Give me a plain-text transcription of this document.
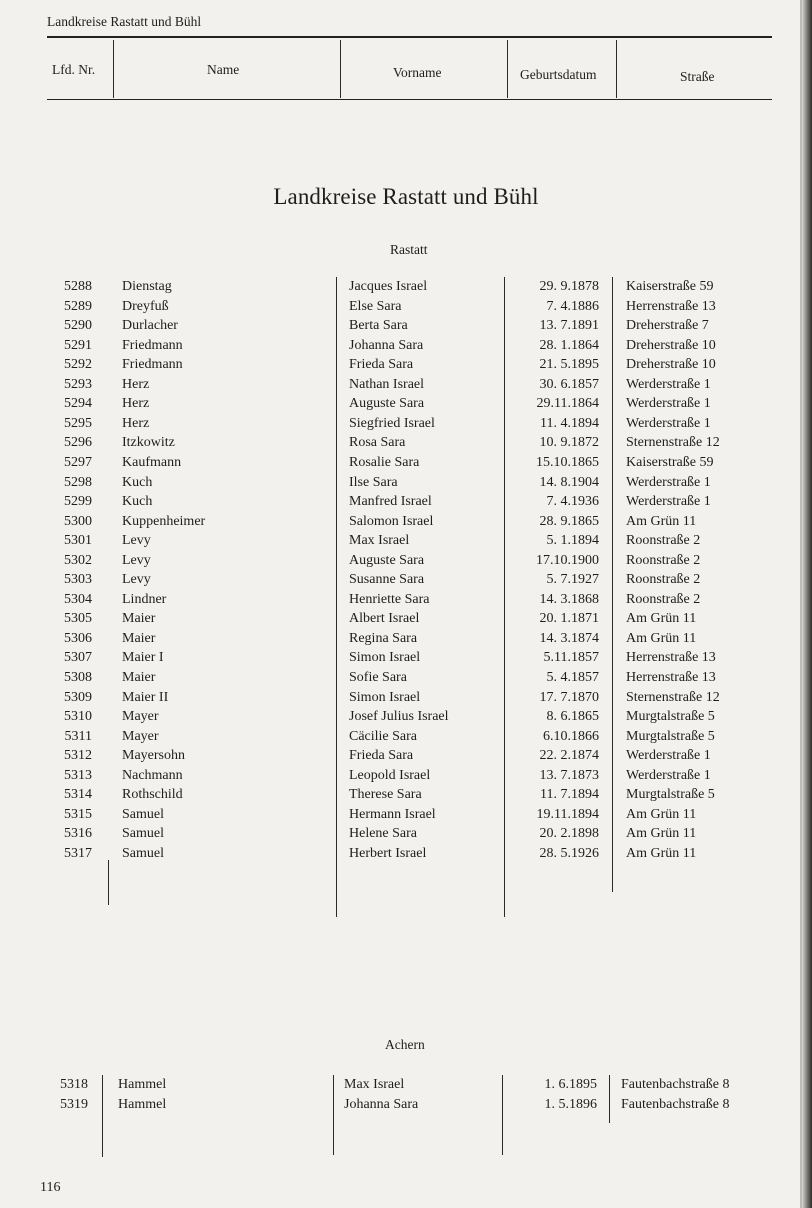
Landkreise Rastatt und Bühl
Lfd. Nr.	Name	Vorname	Geburtsdatum	Straße
Landkreise Rastatt und Bühl
Rastatt
5288 Dienstag	Jacques Israel	29. 9.1878 Kaiserstraße 59
5289 Dreyfuß	Else Sara	7. 4.1886 Herrenstraße 13
5290 Durlacher	Berta Sara	13. 7.1891 Dreherstraße 7
5291 Friedmann	Johanna Sara	28. 1.1864 Dreherstraße 10
5292 Friedmann	Frieda Sara	21. 5.1895 Dreherstraße 10
5293 Herz	Nathan Israel	30. 6.1857 Werderstraße 1
5294 Herz	Auguste Sara	29.11.1864 Werderstraße 1
5295 Herz	Siegfried Israel	11. 4.1894 Werderstraße 1
5296 Itzkowitz	Rosa Sara	10. 9.1872 Sternenstraße 12
5297 Kaufmann	Rosalie Sara	15.10.1865 Kaiserstraße 59
5298 Kuch	Ilse Sara	14. 8.1904 Werderstraße 1
5299 Kuch	Manfred Israel	7. 4.1936 Werderstraße 1
5300 Kuppenheimer	Salomon Israel	28. 9.1865 Am Grün 11
5301 Levy	Max Israel	5. 1.1894 Roonstraße 2
5302 Levy	Auguste Sara	17.10.1900 Roonstraße 2
5303 Levy	Susanne Sara	5. 7.1927 Roonstraße 2
5304 Lindner	Henriette Sara	14. 3.1868 Roonstraße 2
5305 Maier	Albert Israel	20. 1.1871 Am Grün 11
5306 Maier	Regina Sara	14. 3.1874 Am Grün 11
5307 Maier I	Simon Israel	5.11.1857 Herrenstraße 13
5308 Maier	Sofie Sara	5. 4.1857 Herrenstraße 13
5309 Maier II	Simon Israel	17. 7.1870 Sternenstraße 12
5310 Mayer	Josef Julius Israel	8. 6.1865 Murgtalstraße 5
5311 Mayer	Cäcilie Sara	6.10.1866 Murgtalstraße 5
5312 Mayersohn	Frieda Sara	22. 2.1874 Werderstraße 1
5313 Nachmann	Leopold Israel	13. 7.1873 Werderstraße 1
5314 Rothschild	Therese Sara	11. 7.1894 Murgtalstraße 5
5315 Samuel	Hermann Israel	19.11.1894 Am Grün 11
5316 Samuel	Helene Sara	20. 2.1898 Am Grün 11
5317 Samuel	Herbert Israel	28. 5.1926 Am Grün 11
Achern
5318 Hammel	Max Israel	1. 6.1895 Fautenbachstraße 8
5319 Hammel	Johanna Sara	1. 5.1896 Fautenbachstraße 8
116
